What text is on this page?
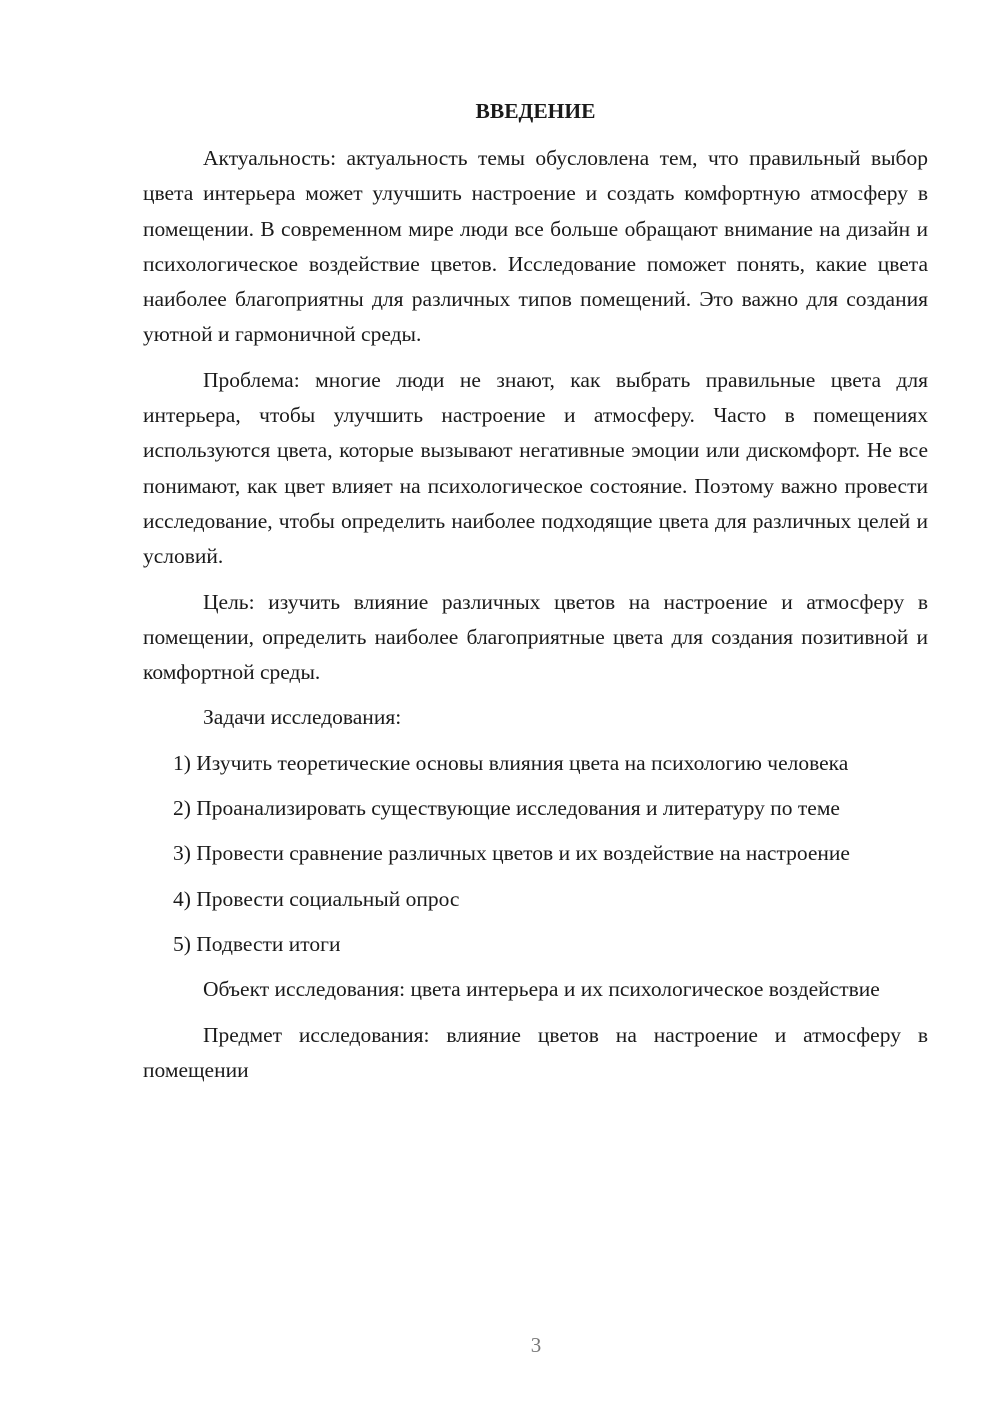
ВВЕДЕНИЕ

Актуальность: актуальность темы обусловлена тем, что правильный выбор цвета интерьера может улучшить настроение и создать комфортную атмосферу в помещении. В современном мире люди все больше обращают внимание на дизайн и психологическое воздействие цветов. Исследование поможет понять, какие цвета наиболее благоприятны для различных типов помещений. Это важно для создания уютной и гармоничной среды.

Проблема: многие люди не знают, как выбрать правильные цвета для интерьера, чтобы улучшить настроение и атмосферу. Часто в помещениях используются цвета, которые вызывают негативные эмоции или дискомфорт. Не все понимают, как цвет влияет на психологическое состояние. Поэтому важно провести исследование, чтобы определить наиболее подходящие цвета для различных целей и условий.

Цель: изучить влияние различных цветов на настроение и атмосферу в помещении, определить наиболее благоприятные цвета для создания позитивной и комфортной среды.

Задачи исследования:

1) Изучить теоретические основы влияния цвета на психологию человека

2) Проанализировать существующие исследования и литературу по теме

3) Провести сравнение различных цветов и их воздействие на настроение

4) Провести социальный опрос

5) Подвести итоги

Объект исследования: цвета интерьера и их психологическое воздействие

Предмет исследования: влияние цветов на настроение и атмосферу в помещении

3
